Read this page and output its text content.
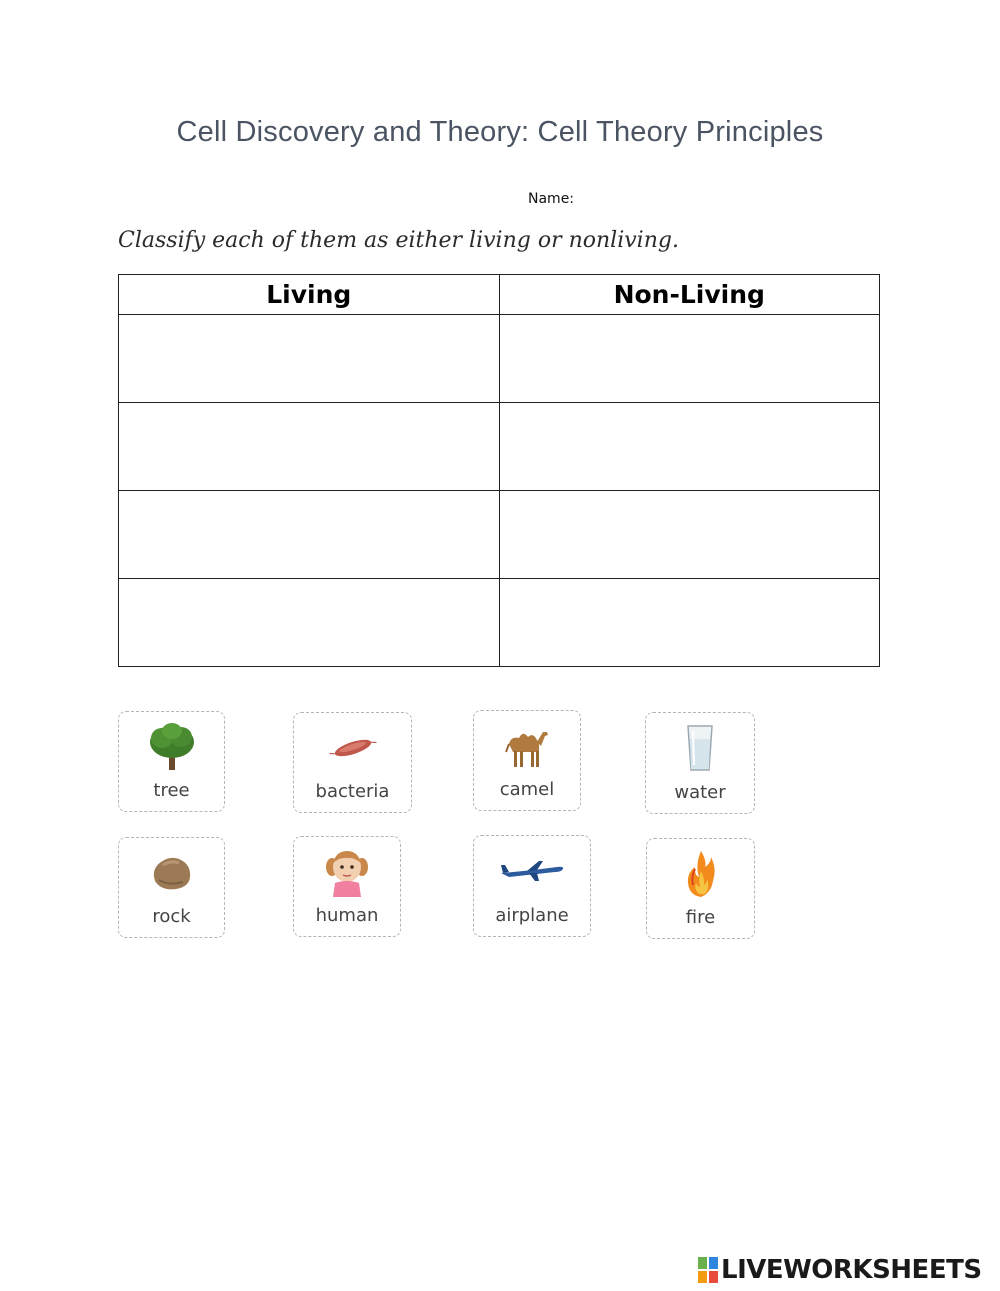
Cell Discovery and Theory: Cell Theory Principles
Name:
Classify each of them as either living or nonliving.
Living	Non-Living

tree	bacteria	camel	water
rock	human	airplane	fire
LIVEWORKSHEETS
